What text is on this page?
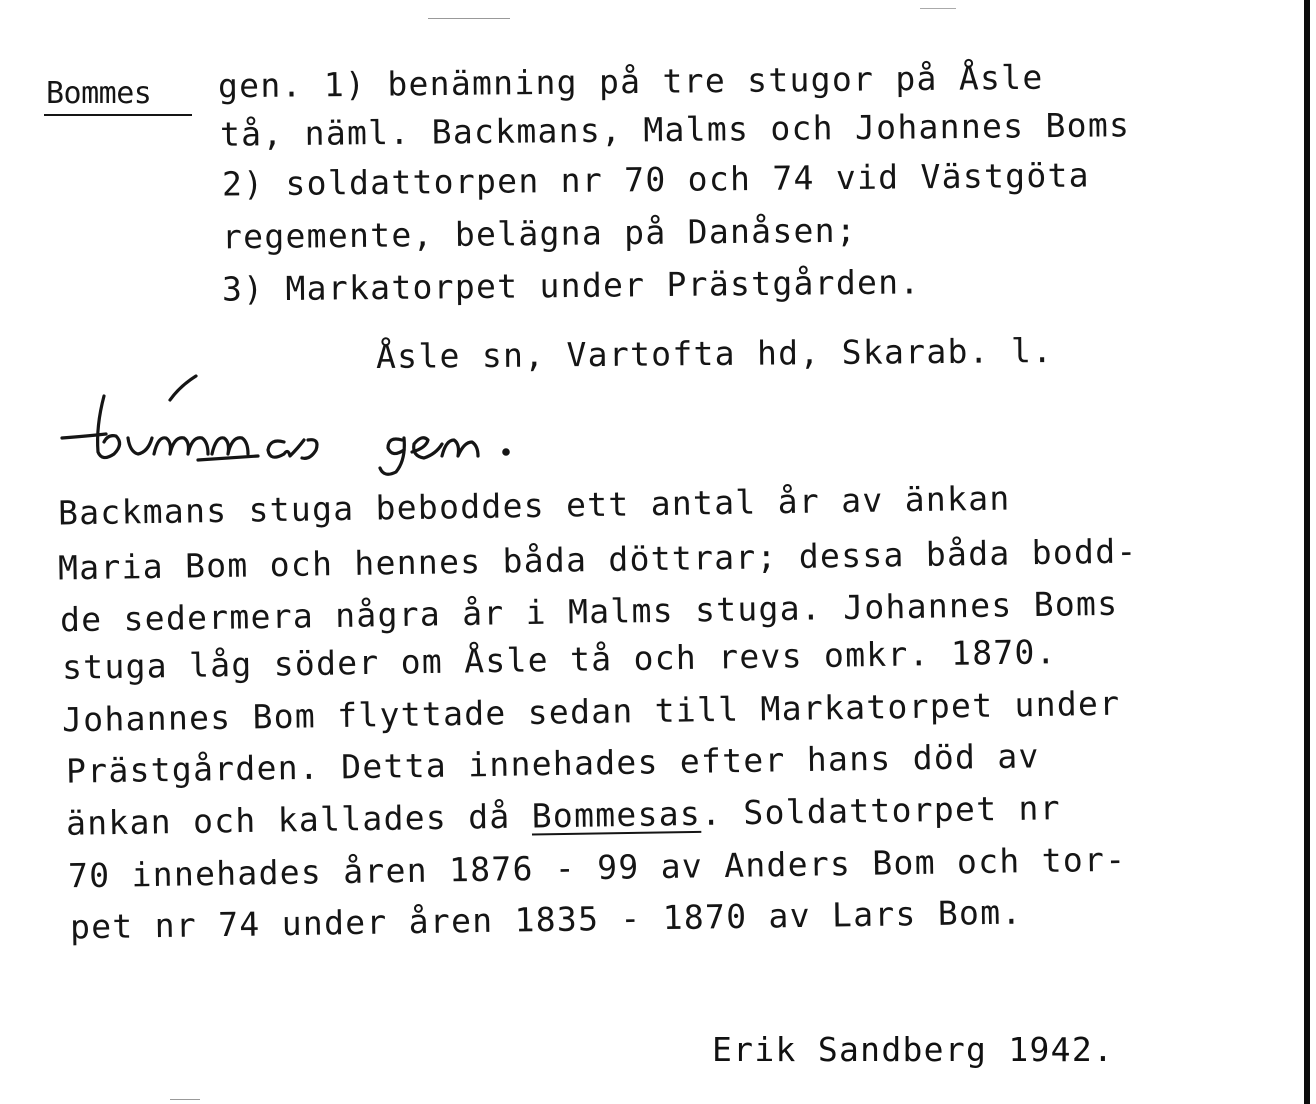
Bommes gen. 1) benämning på tre stugor på Åsle
tå, näml. Backmans, Malms och Johannes Boms
2) soldattorpen nr 70 och 74 vid Västgöta
regemente, belägna på Danåsen;
3) Markatorpet under Prästgården.
Åsle sn, Vartofta hd, Skarab. l.
Backmans stuga beboddes ett antal år av änkan
Maria Bom och hennes båda döttrar; dessa båda bodd-
de sedermera några år i Malms stuga. Johannes Boms
stuga låg söder om Åsle tå och revs omkr. 1870.
Johannes Bom flyttade sedan till Markatorpet under
Prästgården. Detta innehades efter hans död av
änkan och kallades då Bommesas. Soldattorpet nr
70 innehades åren 1876 - 99 av Anders Bom och tor-
pet nr 74 under åren 1835 - 1870 av Lars Bom.
Erik Sandberg 1942.
